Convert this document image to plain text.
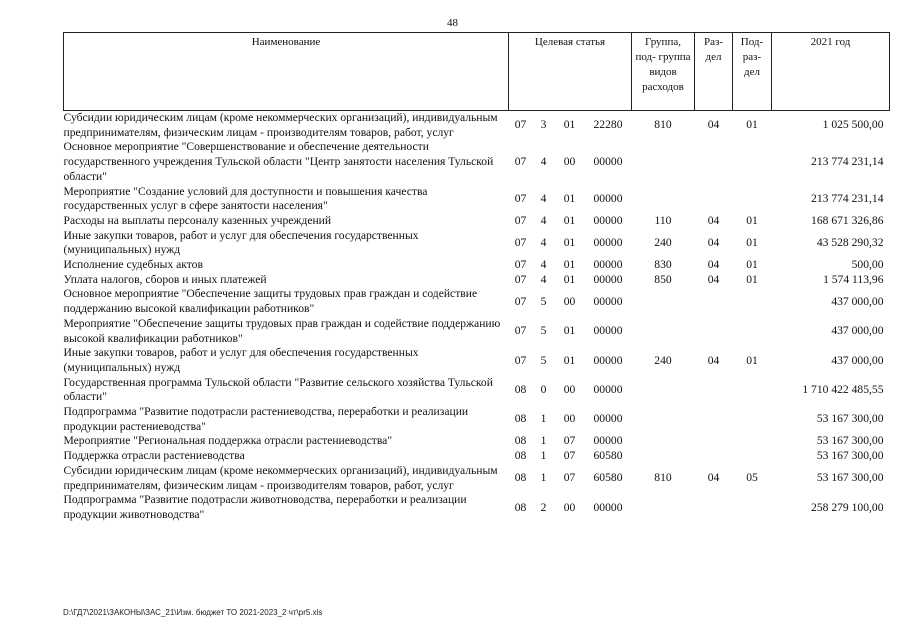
48
Наименование	Целевая статья				Группа, под- группа видов расходов	Раз- дел	Под- раз- дел	2021 год
Субсидии юридическим лицам (кроме некоммерческих организаций), индивидуальным предпринимателям, физическим лицам - производителям товаров, работ, услуг	07	3	01	22280	810	04	01	1 025 500,00
Основное мероприятие "Совершенствование и обеспечение деятельности государственного учреждения Тульской области "Центр занятости населения Тульской области"	07	4	00	00000				213 774 231,14
Мероприятие "Создание условий для доступности и повышения качества государственных услуг в сфере занятости населения"	07	4	01	00000				213 774 231,14
Расходы на выплаты персоналу казенных учреждений	07	4	01	00000	110	04	01	168 671 326,86
Иные закупки товаров, работ и услуг для обеспечения государственных (муниципальных) нужд	07	4	01	00000	240	04	01	43 528 290,32
Исполнение судебных актов	07	4	01	00000	830	04	01	500,00
Уплата налогов, сборов и иных платежей	07	4	01	00000	850	04	01	1 574 113,96
Основное мероприятие "Обеспечение защиты трудовых прав граждан и содействие поддержанию высокой квалификации работников"	07	5	00	00000				437 000,00
Мероприятие "Обеспечение защиты трудовых прав граждан и содействие поддержанию высокой квалификации работников"	07	5	01	00000				437 000,00
Иные закупки товаров, работ и услуг для обеспечения государственных (муниципальных) нужд	07	5	01	00000	240	04	01	437 000,00
Государственная программа Тульской области "Развитие сельского хозяйства Тульской области"	08	0	00	00000				1 710 422 485,55
Подпрограмма "Развитие подотрасли растениеводства, переработки и реализации продукции растениеводства"	08	1	00	00000				53 167 300,00
Мероприятие "Региональная поддержка отрасли растениеводства"	08	1	07	00000				53 167 300,00
Поддержка отрасли растениеводства	08	1	07	60580				53 167 300,00
Субсидии юридическим лицам (кроме некоммерческих организаций), индивидуальным предпринимателям, физическим лицам - производителям товаров, работ, услуг	08	1	07	60580	810	04	05	53 167 300,00
Подпрограмма "Развитие подотрасли животноводства, переработки и реализации продукции животноводства"	08	2	00	00000				258 279 100,00
D:\ГД7\2021\ЗАКОНЫ\ЗАС_21\Изм. бюджет ТО 2021-2023_2 чт\pr5.xls
